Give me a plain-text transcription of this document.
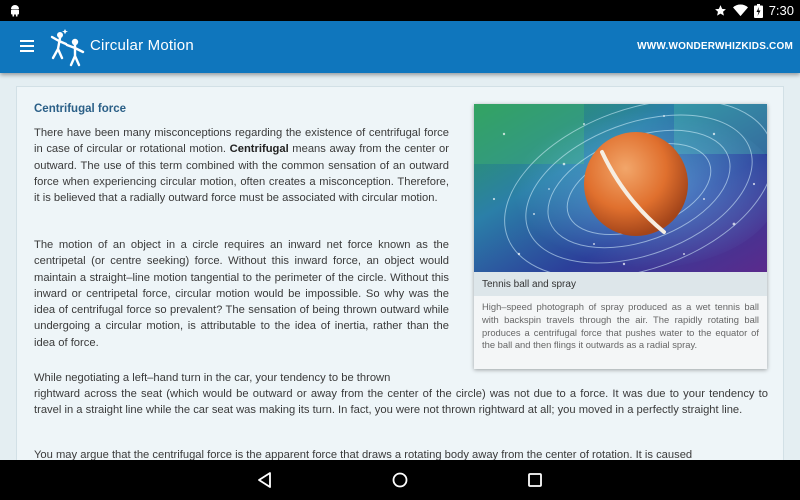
7:30
Circular Motion	WWW.WONDERWHIZKIDS.COM
Centrifugal force
There have been many misconceptions regarding the existence of centrifugal force in case of circular or rotational motion. Centrifugal means away from the center or outward. The use of this term combined with the common sensation of an outward force when experiencing circular motion, often creates a misconception. Therefore, it is believed that a radially outward force must be associated with circular motion.
The motion of an object in a circle requires an inward net force known as the centripetal (or centre seeking) force. Without this inward force, an object would maintain a straight–line motion tangential to the perimeter of the circle. Without this inward or centripetal force, circular motion would be impossible. So why was the idea of centrifugal force so prevalent? The sensation of being thrown outward while undergoing a circular motion, is attributable to the idea of inertia, rather than the idea of force.
While negotiating a left–hand turn in the car, your tendency to be thrown
rightward across the seat (which would be outward or away from the center of the circle) was not due to a force. It was due to your tendency to travel in a straight line while the car seat was making its turn. In fact, you were not thrown rightward at all; you moved in a perfectly straight line.
You may argue that the centrifugal force is the apparent force that draws a rotating body away from the center of rotation. It is caused
Tennis ball and spray
High–speed photograph of spray produced as a wet tennis ball with backspin travels through the air. The rapidly rotating ball produces a centrifugal force that pushes water to the equator of the ball and then flings it outwards as a radial spray.
